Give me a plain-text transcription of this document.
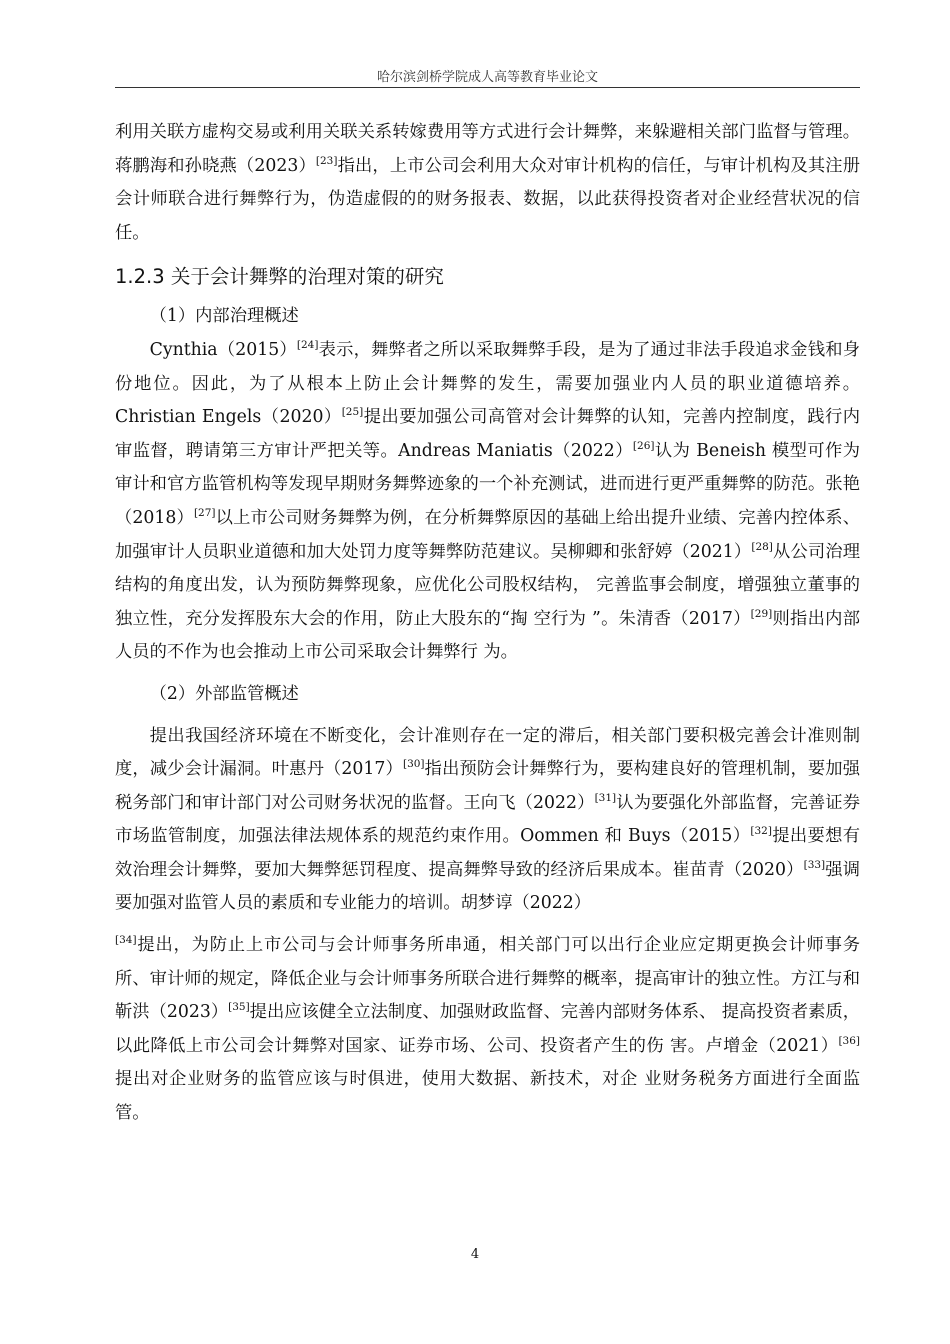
哈尔滨剑桥学院成人高等教育毕业论文

利用关联方虚构交易或利用关联关系转嫁费用等方式进行会计舞弊，来躲避相关部门监督与管理。蒋鹏海和孙晓燕（2023）[23]指出，上市公司会利用大众对审计机构的信任，与审计机构及其注册会计师联合进行舞弊行为，伪造虚假的的财务报表、数据，以此获得投资者对企业经营状况的信任。

1.2.3 关于会计舞弊的治理对策的研究

（1）内部治理概述

Cynthia（2015）[24]表示，舞弊者之所以采取舞弊手段，是为了通过非法手段追求金钱和身份地位。因此，为了从根本上防止会计舞弊的发生，需要加强业内人员的职业道德培养。Christian Engels（2020）[25]提出要加强公司高管对会计舞弊的认知，完善内控制度，践行内审监督，聘请第三方审计严把关等。Andreas Maniatis（2022）[26]认为 Beneish 模型可作为审计和官方监管机构等发现早期财务舞弊迹象的一个补充测试，进而进行更严重舞弊的防范。张艳（2018）[27]以上市公司财务舞弊为例，在分析舞弊原因的基础上给出提升业绩、完善内控体系、加强审计人员职业道德和加大处罚力度等舞弊防范建议。吴柳卿和张舒婷（2021）[28]从公司治理结构的角度出发，认为预防舞弊现象，应优化公司股权结构， 完善监事会制度，增强独立董事的独立性，充分发挥股东大会的作用，防止大股东的“掏 空行为 ”。朱清香（2017）[29]则指出内部人员的不作为也会推动上市公司采取会计舞弊行 为。

（2）外部监管概述

提出我国经济环境在不断变化，会计准则存在一定的滞后，相关部门要积极完善会计准则制度，减少会计漏洞。叶惠丹（2017）[30]指出预防会计舞弊行为，要构建良好的管理机制，要加强税务部门和审计部门对公司财务状况的监督。王向飞（2022）[31]认为要强化外部监督，完善证券市场监管制度，加强法律法规体系的规范约束作用。Oommen 和 Buys（2015）[32]提出要想有效治理会计舞弊，要加大舞弊惩罚程度、提高舞弊导致的经济后果成本。崔苗青（2020）[33]强调要加强对监管人员的素质和专业能力的培训。胡梦谆（2022）

[34]提出，为防止上市公司与会计师事务所串通，相关部门可以出行企业应定期更换会计师事务所、审计师的规定，降低企业与会计师事务所联合进行舞弊的概率，提高审计的独立性。方江与和靳洪（2023）[35]提出应该健全立法制度、加强财政监督、完善内部财务体系、 提高投资者素质，以此降低上市公司会计舞弊对国家、证券市场、公司、投资者产生的伤 害。卢增金（2021）[36]提出对企业财务的监管应该与时俱进，使用大数据、新技术，对企 业财务税务方面进行全面监管。

4
